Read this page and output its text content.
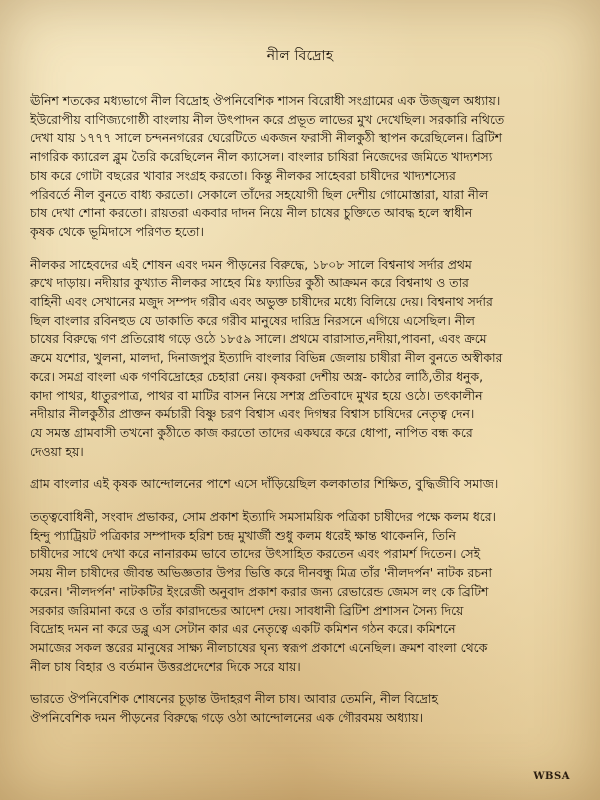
নীল বিদ্রোহ

ঊনিশ শতকের মধ্যভাগে নীল বিদ্রোহ ঔপনিবেশিক শাসন বিরোধী সংগ্রামের এক উজ্জ্বল অধ্যায়।
ইউরোপীয় বাণিজ্যগোষ্ঠী বাংলায় নীল উৎপাদন করে প্রভূত লাভের মুখ দেখেছিল। সরকারি নথিতে
দেখা যায় ১৭৭৭ সালে চন্দননগরের ঘেরেটিতে একজন ফরাসী নীলকুঠী স্থাপন করেছিলেন। ব্রিটিশ
নাগরিক ক্যারেল ব্লুম তৈরি করেছিলেন নীল ক্যাসেল। বাংলার চাষিরা নিজেদের জমিতে খাদ্যশস্য
চাষ করে গোটা বছরের খাবার সংগ্রহ করতো। কিন্তু নীলকর সাহেবরা চাষীদের খাদ্যশস্যের
পরিবর্তে নীল বুনতে বাধ্য করতো। সেকালে তাঁদের সহযোগী ছিল দেশীয় গোমোস্তারা, যারা নীল
চাষ দেখা শোনা করতো। রায়তরা একবার দাদন নিয়ে নীল চাষের চুক্তিতে আবদ্ধ হলে স্বাধীন
কৃষক থেকে ভূমিদাসে পরিণত হতো।

নীলকর সাহেবদের এই শোষন এবং দমন পীড়নের বিরুদ্ধে, ১৮০৮ সালে বিশ্বনাথ সর্দার প্রথম
রুখে দাড়ায়। নদীয়ার কুখ্যাত নীলকর সাহেব মিঃ ফ্যাডির কুঠী আক্রমন করে বিশ্বনাথ ও তার
বাহিনী এবং সেখানের মজুদ সম্পদ গরীব এবং অভুক্ত চাষীদের মধ্যে বিলিয়ে দেয়। বিশ্বনাথ সর্দার
ছিল বাংলার রবিনহুড যে ডাকাতি করে গরীব মানুষের দারিদ্র নিরসনে এগিয়ে এসেছিল। নীল
চাষের বিরুদ্ধে গণ প্রতিরোধ গড়ে ওঠে ১৮৫৯ সালে। প্রথমে বারাসাত,নদীয়া,পাবনা, এবং ক্রমে
ক্রমে যশোর, খুলনা, মালদা, দিনাজপুর ইত্যাদি বাংলার বিভিন্ন জেলায় চাষীরা নীল বুনতে অস্বীকার
করে। সমগ্র বাংলা এক গণবিদ্রোহের চেহারা নেয়। কৃষকরা দেশীয় অস্ত্র- কাঠের লাঠি,তীর ধনুক,
কাদা পাথর, ধাতুরপাত্র, পাথর বা মাটির বাসন নিয়ে সশস্ত্র প্রতিবাদে মুখর হয়ে ওঠে। তৎকালীন
নদীয়ার নীলকুঠীর প্রাক্তন কর্মচারী বিষ্ণু চরণ বিশ্বাস এবং দিগম্বর বিশ্বাস চাষিদের নেতৃত্ব দেন।
যে সমস্ত গ্রামবাসী তখনো কুঠীতে কাজ করতো তাদের একঘরে করে ধোপা, নাপিত বন্ধ করে
দেওয়া হয়।

গ্রাম বাংলার এই কৃষক আন্দোলনের পাশে এসে দাঁড়িয়েছিল কলকাতার শিক্ষিত, বুদ্ধিজীবি সমাজ।

তত্ত্ববোধিনী, সংবাদ প্রভাকর, সোম প্রকাশ ইত্যাদি সমসাময়িক পত্রিকা চাষীদের পক্ষে কলম ধরে।
হিন্দু প্যাট্রিয়ট পত্রিকার সম্পাদক হরিশ চন্দ্র মুখার্জী শুধু কলম ধরেই ক্ষান্ত থাকেননি, তিনি
চাষীদের সাথে দেখা করে নানারকম ভাবে তাদের উৎসাহিত করতেন এবং পরামর্শ দিতেন। সেই
সময় নীল চাষীদের জীবন্ত অভিজ্ঞতার উপর ভিত্তি করে দীনবন্ধু মিত্র তাঁর 'নীলদর্পন' নাটক রচনা
করেন। 'নীলদর্পন' নাটকটির ইংরেজী অনুবাদ প্রকাশ করার জন্য রেভারেন্ড জেমস লং কে ব্রিটিশ
সরকার জরিমানা করে ও তাঁর কারাদন্ডের আদেশ দেয়। সাবধানী ব্রিটিশ প্রশাসন সৈন্য দিয়ে
বিদ্রোহ দমন না করে ডব্লু এস সেটান কার এর নেতৃত্বে একটি কমিশন গঠন করে। কমিশনে
সমাজের সকল স্তরের মানুষের সাক্ষ্য নীলচাষের ঘৃন্য স্বরূপ প্রকাশে এনেছিল। ক্রমশ বাংলা থেকে
নীল চাষ বিহার ও বর্তমান উত্তরপ্রদেশের দিকে সরে যায়।

ভারতে ঔপনিবেশিক শোষনের চূড়ান্ত উদাহরণ নীল চাষ। আবার তেমনি, নীল বিদ্রোহ
ঔপনিবেশিক দমন পীড়নের বিরুদ্ধে গড়ে ওঠা আন্দোলনের এক গৌরবময় অধ্যায়।

WBSA
